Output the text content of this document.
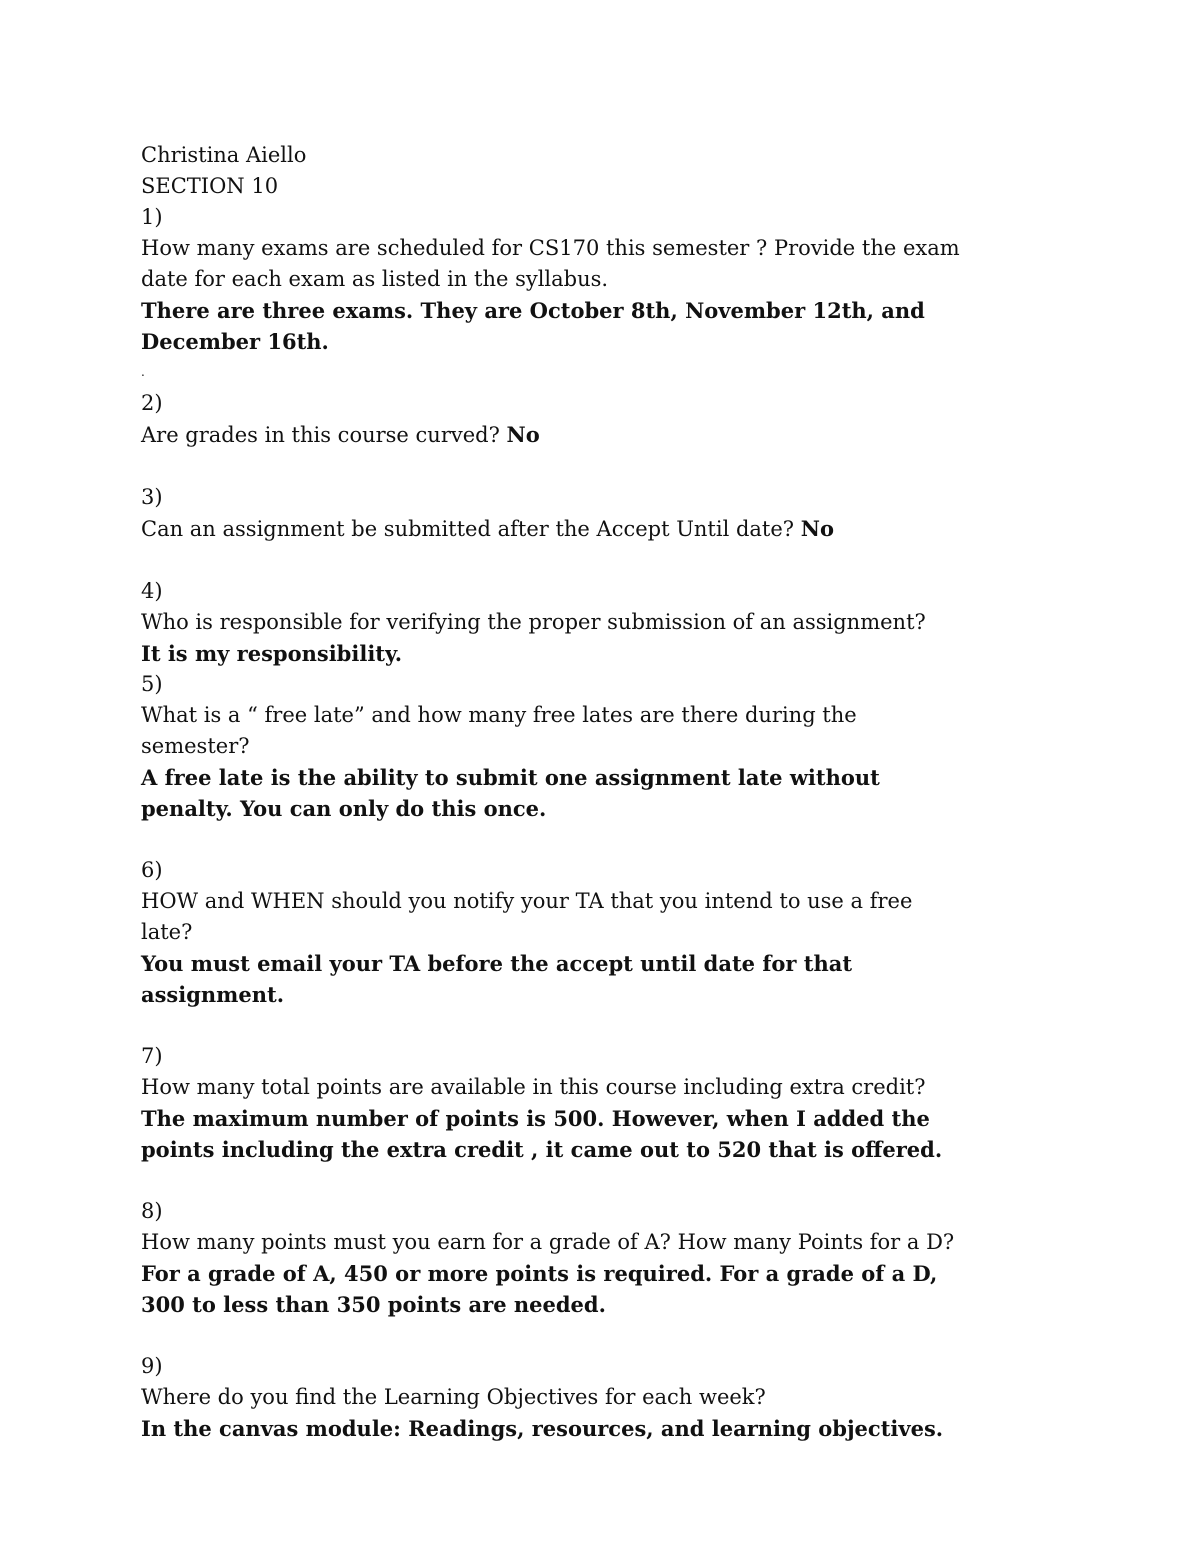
Christina Aiello
SECTION 10
1)
How many exams are scheduled for CS170 this semester ? Provide the exam date for each exam as listed in the syllabus.
There are three exams. They are October 8th, November 12th, and December 16th.
.
2)
Are grades in this course curved? No
3)
Can an assignment be submitted after the Accept Until date? No
4)
Who is responsible for verifying the proper submission of an assignment?
It is my responsibility.
5)
What is a “ free late” and how many free lates are there during the semester?
A free late is the ability to submit one assignment late without penalty. You can only do this once.
6)
HOW and WHEN should you notify your TA that you intend to use a free late?
You must email your TA before the accept until date for that assignment.
7)
How many total points are available in this course including extra credit?
The maximum number of points is 500. However, when I added the points including the extra credit , it came out to 520 that is offered.
8)
How many points must you earn for a grade of A? How many Points for a D?
For a grade of A, 450 or more points is required. For a grade of a D, 300 to less than 350 points are needed.
9)
Where do you find the Learning Objectives for each week?
In the canvas module: Readings, resources, and learning objectives.
